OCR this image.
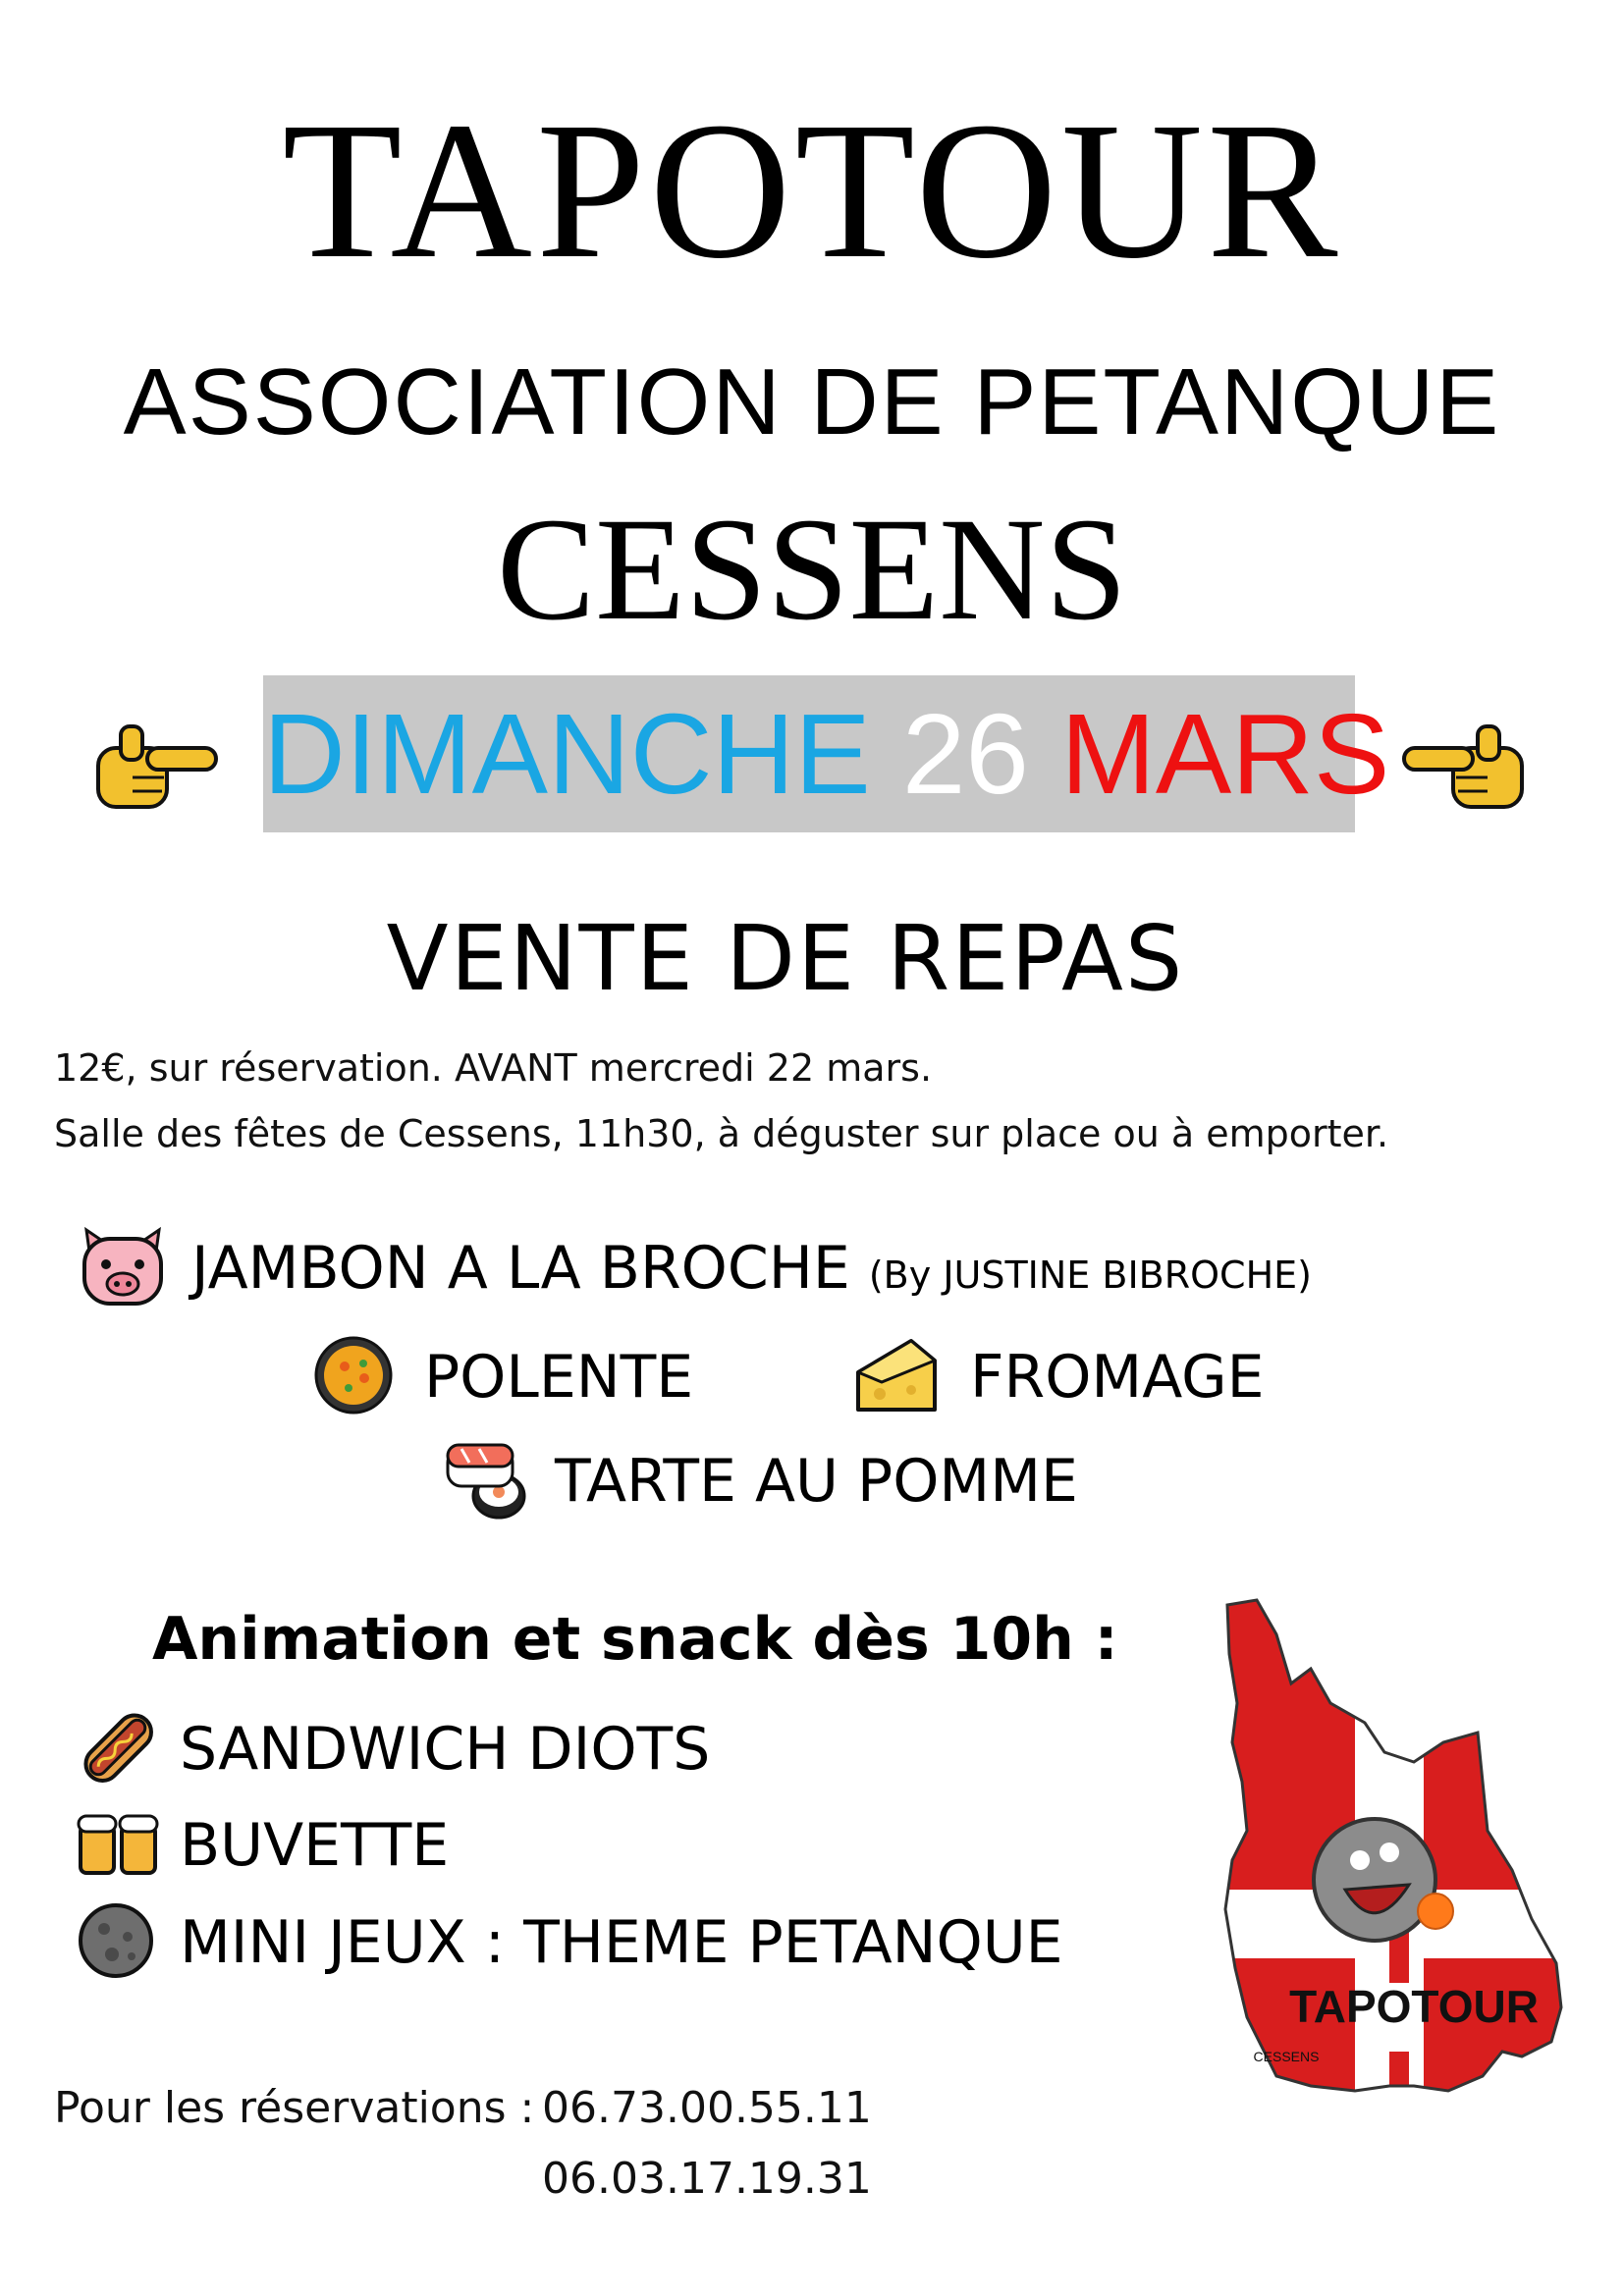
TAPOTOUR
ASSOCIATION DE PETANQUE
CESSENS
DIMANCHE 26 MARS
VENTE DE REPAS
12€, sur réservation. AVANT mercredi 22 mars.
Salle des fêtes de Cessens, 11h30, à déguster sur place ou à emporter.
JAMBON A LA BROCHE (By JUSTINE BIBROCHE)
POLENTE	FROMAGE
TARTE AU POMME
Animation et snack dès 10h :
SANDWICH DIOTS
BUVETTE
MINI JEUX : THEME PETANQUE
Pour les réservations : 06.73.00.55.11
06.03.17.19.31
TAPOTOUR
CESSENS
